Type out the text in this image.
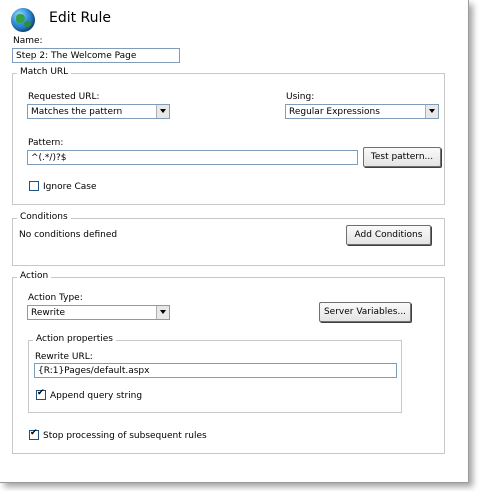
Edit Rule
Name:
Step 2: The Welcome Page
Match URL
Requested URL:
Matches the pattern
Using:
Regular Expressions
Pattern:
^(.*/)?$	Test pattern...
Ignore Case
Conditions
No conditions defined	Add Conditions
Action
Action Type:
Rewrite	Server Variables...
Action properties
Rewrite URL:
{R:1}Pages/default.aspx
✔
Append query string
✔
Stop processing of subsequent rules
